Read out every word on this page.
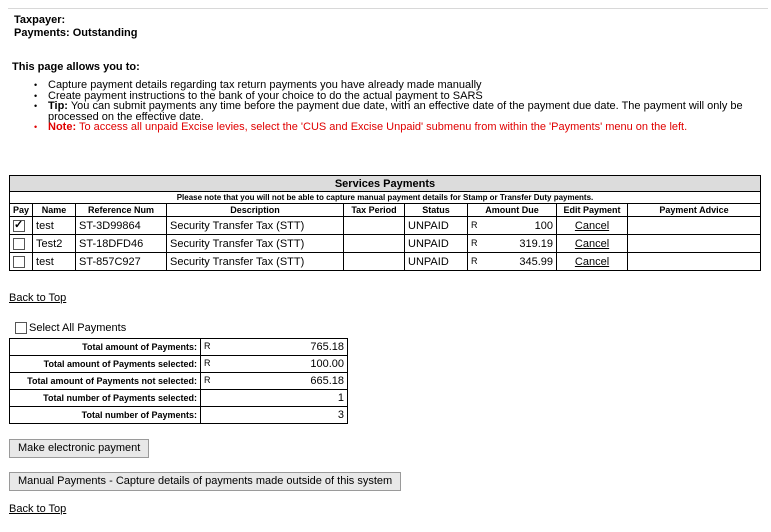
Taxpayer:
Payments: Outstanding
This page allows you to:
• Capture payment details regarding tax return payments you have already made manually
• Create payment instructions to the bank of your choice to do the actual payment to SARS
• Tip: You can submit payments any time before the payment due date, with an effective date of the payment due date. The payment will only be processed on the effective date.
• Note: To access all unpaid Excise levies, select the 'CUS and Excise Unpaid' submenu from within the 'Payments' menu on the left.
Services Payments								
Please note that you will not be able to capture manual payment details for Stamp or Transfer Duty payments.								
Pay	Name	Reference Num	Description	Tax Period	Status	Amount Due	Edit Payment	Payment Advice
✓	test	ST-3D99864	Security Transfer Tax (STT)		UNPAID	R 100	Cancel	
	Test2	ST-18DFD46	Security Transfer Tax (STT)		UNPAID	R 319.19	Cancel	
	test	ST-857C927	Security Transfer Tax (STT)		UNPAID	R 345.99	Cancel	
Back to Top
Select All Payments
Total amount of Payments:	R 765.18
Total amount of Payments selected:	R 100.00
Total amount of Payments not selected:	R 665.18
Total number of Payments selected:	1
Total number of Payments:	3
Make electronic payment
Manual Payments - Capture details of payments made outside of this system
Back to Top
